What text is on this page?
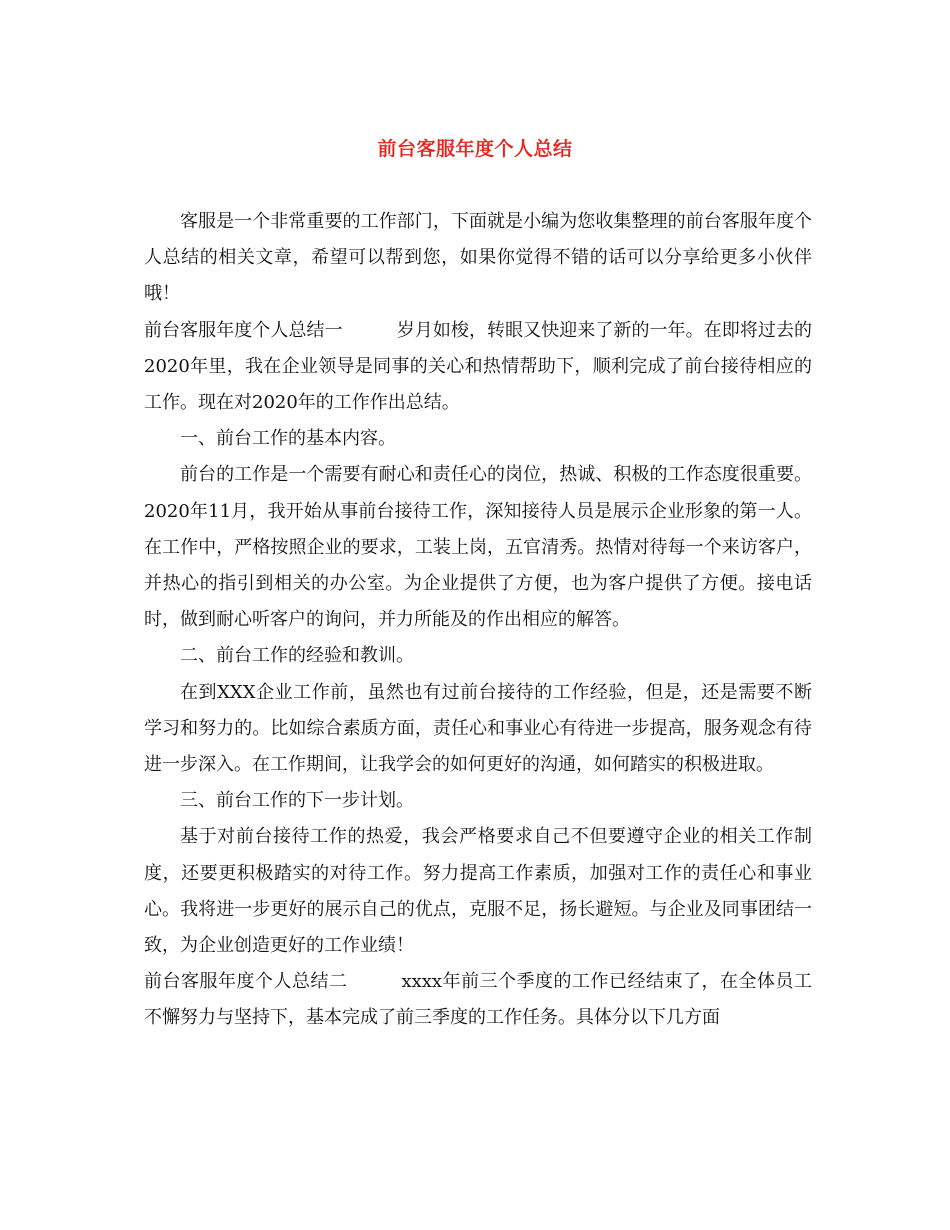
前台客服年度个人总结

客服是一个非常重要的工作部门，下面就是小编为您收集整理的前台客服年度个人总结的相关文章，希望可以帮到您，如果你觉得不错的话可以分享给更多小伙伴哦！

前台客服年度个人总结一	岁月如梭，转眼又快迎来了新的一年。在即将过去的2020年里，我在企业领导是同事的关心和热情帮助下，顺利完成了前台接待相应的工作。现在对2020年的工作作出总结。

一、前台工作的基本内容。

前台的工作是一个需要有耐心和责任心的岗位，热诚、积极的工作态度很重要。2020年11月，我开始从事前台接待工作，深知接待人员是展示企业形象的第一人。在工作中，严格按照企业的要求，工装上岗，五官清秀。热情对待每一个来访客户，并热心的指引到相关的办公室。为企业提供了方便，也为客户提供了方便。接电话时，做到耐心听客户的询问，并力所能及的作出相应的解答。

二、前台工作的经验和教训。

在到XXX企业工作前，虽然也有过前台接待的工作经验，但是，还是需要不断学习和努力的。比如综合素质方面，责任心和事业心有待进一步提高，服务观念有待进一步深入。在工作期间，让我学会的如何更好的沟通，如何踏实的积极进取。

三、前台工作的下一步计划。

基于对前台接待工作的热爱，我会严格要求自己不但要遵守企业的相关工作制度，还要更积极踏实的对待工作。努力提高工作素质，加强对工作的责任心和事业心。我将进一步更好的展示自己的优点，克服不足，扬长避短。与企业及同事团结一致，为企业创造更好的工作业绩！

前台客服年度个人总结二	xxxx年前三个季度的工作已经结束了，在全体员工不懈努力与坚持下，基本完成了前三季度的工作任务。具体分以下几方面
